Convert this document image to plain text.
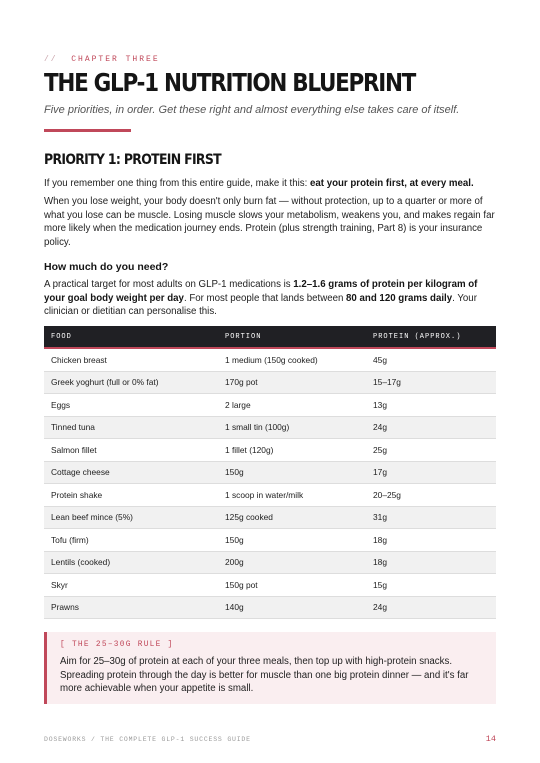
// CHAPTER THREE
THE GLP-1 NUTRITION BLUEPRINT
Five priorities, in order. Get these right and almost everything else takes care of itself.
PRIORITY 1: PROTEIN FIRST
If you remember one thing from this entire guide, make it this: eat your protein first, at every meal.
When you lose weight, your body doesn't only burn fat — without protection, up to a quarter or more of what you lose can be muscle. Losing muscle slows your metabolism, weakens you, and makes regain far more likely when the medication journey ends. Protein (plus strength training, Part 8) is your insurance policy.
How much do you need?
A practical target for most adults on GLP-1 medications is 1.2–1.6 grams of protein per kilogram of your goal body weight per day. For most people that lands between 80 and 120 grams daily. Your clinician or dietitian can personalise this.
FOOD	PORTION	PROTEIN (APPROX.)
Chicken breast	1 medium (150g cooked)	45g
Greek yoghurt (full or 0% fat)	170g pot	15–17g
Eggs	2 large	13g
Tinned tuna	1 small tin (100g)	24g
Salmon fillet	1 fillet (120g)	25g
Cottage cheese	150g	17g
Protein shake	1 scoop in water/milk	20–25g
Lean beef mince (5%)	125g cooked	31g
Tofu (firm)	150g	18g
Lentils (cooked)	200g	18g
Skyr	150g pot	15g
Prawns	140g	24g
[ THE 25–30G RULE ]
Aim for 25–30g of protein at each of your three meals, then top up with high-protein snacks. Spreading protein through the day is better for muscle than one big protein dinner — and it's far more achievable when your appetite is small.
DOSEWORKS / THE COMPLETE GLP-1 SUCCESS GUIDE	14
